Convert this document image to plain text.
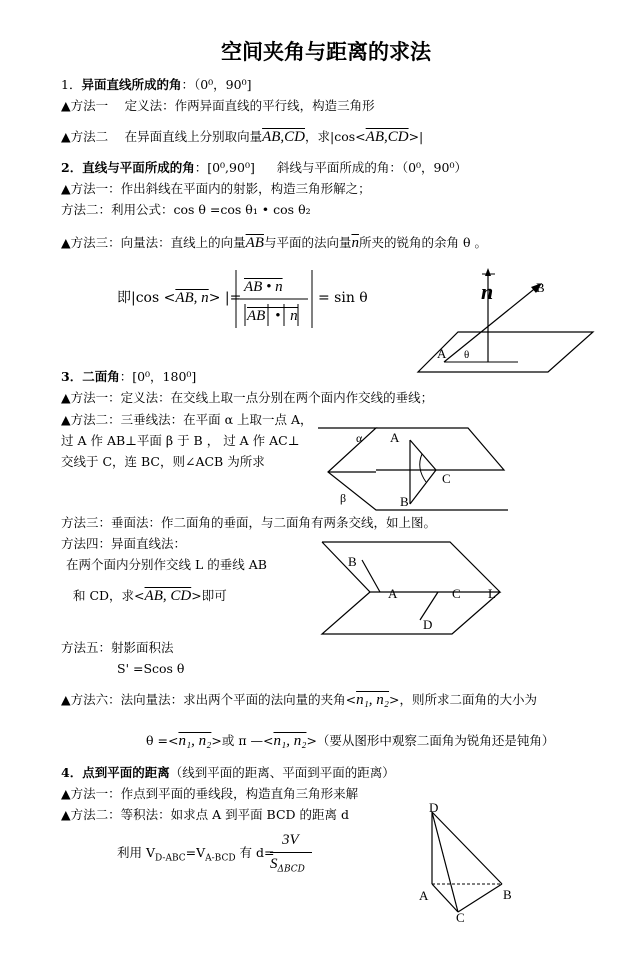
空间夹角与距离的求法
1．异面直线所成的角：（0⁰，90⁰]
▲方法一　 定义法：作两异面直线的平行线，构造三角形
▲方法二　 在异面直线上分别取向量AB,CD，求|cos<AB,CD>|
2．直线与平面所成的角：[0⁰,90⁰] 斜线与平面所成的角：（0⁰，90⁰）
▲方法一：作出斜线在平面内的射影，构造三角形解之；
方法二：利用公式：cos θ =cos θ₁ • cos θ₂
▲方法三：向量法：直线上的向量$\overline{AB}$与平面的法向量$\overline{n}$所夹的锐角的余角 θ 。
即|cos <AB, n> |=
AB • n
AB • n
= sin θ	n	B
A θ
3．二面角：[0⁰，180⁰]
▲方法一：定义法：在交线上取一点分别在两个面内作交线的垂线；
▲方法二：三垂线法：在平面 α 上取一点 A，
过 A 作 AB⊥平面 β 于 B ， 过 A 作 AC⊥
交线于 C，连 BC，则∠ACB 为所求
α A
C
β	B
方法三：垂面法：作二面角的垂面，与二面角有两条交线，如上图。
方法四：异面直线法：
在两个面内分别作交线 L 的垂线 AB
和 CD，求<AB, CD>即可
B
A	C L
D
方法五：射影面积法
S' =Scos θ
▲方法六：法向量法：求出两个平面的法向量的夹角<n₁, n₂>，则所求二面角的大小为
θ =<n₁, n₂>或 π —<n₁, n₂>（要从图形中观察二面角为锐角还是钝角）
4．点到平面的距离（线到平面的距离、平面到平面的距离）
▲方法一：作点到平面的垂线段，构造直角三角形来解
▲方法二：等积法：如求点 A 到平面 BCD 的距离 d
利用 $V_{D-ABC}=V_{A-BCD}$ 有 d=
3V
$S_{\Delta BCD}$
D
A	B
C
